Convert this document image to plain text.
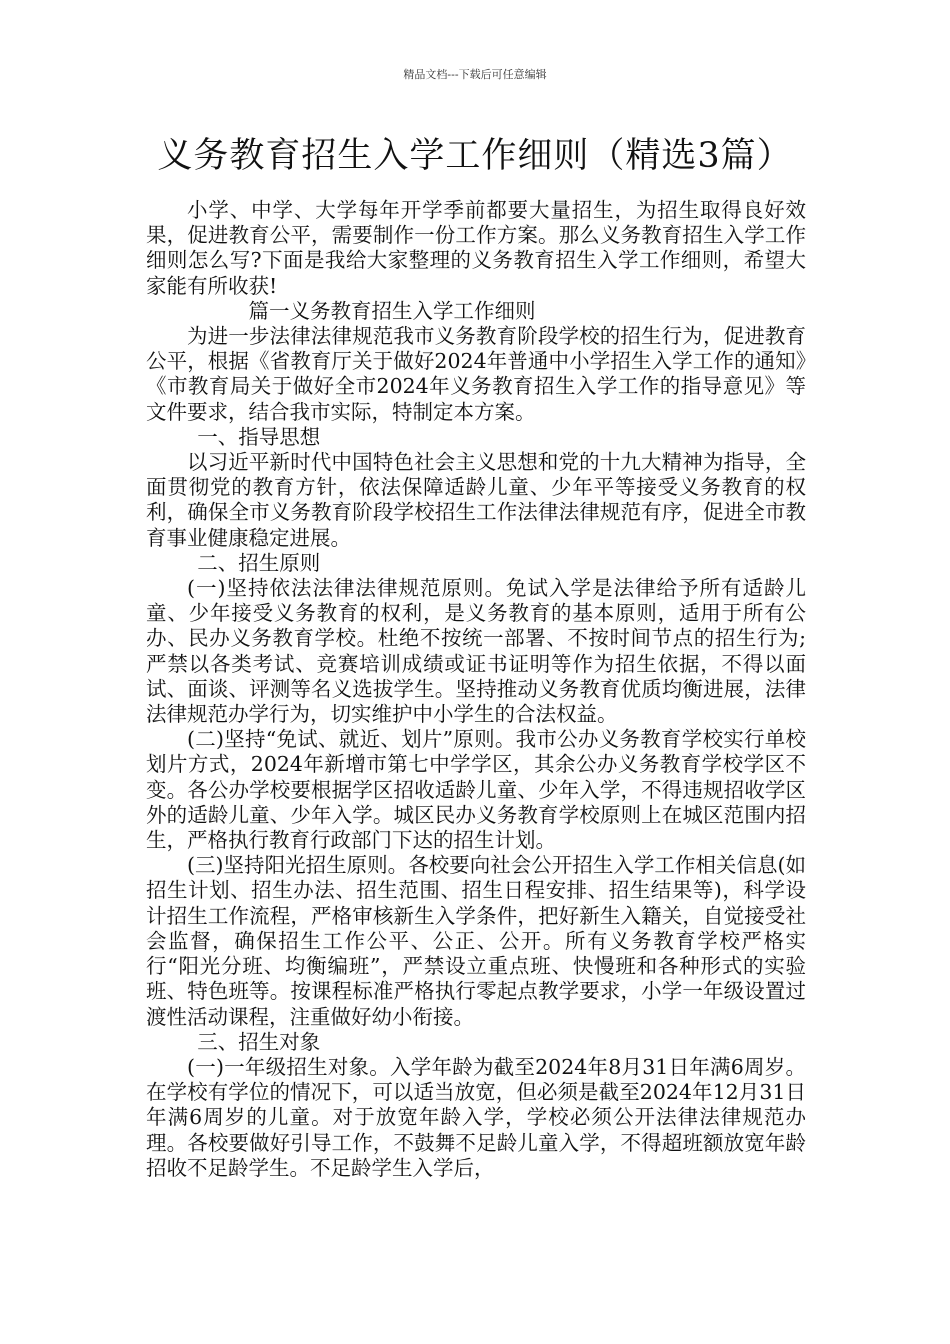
精品文档---下载后可任意编辑
义务教育招生入学工作细则（精选3篇）

小学、中学、大学每年开学季前都要大量招生，为招生取得良好效果，促进教育公平，需要制作一份工作方案。那么义务教育招生入学工作细则怎么写?下面是我给大家整理的义务教育招生入学工作细则，希望大家能有所收获!

篇一义务教育招生入学工作细则

为进一步法律法律规范我市义务教育阶段学校的招生行为，促进教育公平，根据《省教育厅关于做好2024年普通中小学招生入学工作的通知》《市教育局关于做好全市2024年义务教育招生入学工作的指导意见》等文件要求，结合我市实际，特制定本方案。

一、指导思想

以习近平新时代中国特色社会主义思想和党的十九大精神为指导，全面贯彻党的教育方针，依法保障适龄儿童、少年平等接受义务教育的权利，确保全市义务教育阶段学校招生工作法律法律规范有序，促进全市教育事业健康稳定进展。

二、招生原则

(一)坚持依法法律法律规范原则。免试入学是法律给予所有适龄儿童、少年接受义务教育的权利，是义务教育的基本原则，适用于所有公办、民办义务教育学校。杜绝不按统一部署、不按时间节点的招生行为;严禁以各类考试、竞赛培训成绩或证书证明等作为招生依据，不得以面试、面谈、评测等名义选拔学生。坚持推动义务教育优质均衡进展，法律法律规范办学行为，切实维护中小学生的合法权益。

(二)坚持“免试、就近、划片”原则。我市公办义务教育学校实行单校划片方式，2024年新增市第七中学学区，其余公办义务教育学校学区不变。各公办学校要根据学区招收适龄儿童、少年入学，不得违规招收学区外的适龄儿童、少年入学。城区民办义务教育学校原则上在城区范围内招生，严格执行教育行政部门下达的招生计划。

(三)坚持阳光招生原则。各校要向社会公开招生入学工作相关信息(如招生计划、招生办法、招生范围、招生日程安排、招生结果等)，科学设计招生工作流程，严格审核新生入学条件，把好新生入籍关，自觉接受社会监督，确保招生工作公平、公正、公开。所有义务教育学校严格实行“阳光分班、均衡编班”，严禁设立重点班、快慢班和各种形式的实验班、特色班等。按课程标准严格执行零起点教学要求，小学一年级设置过渡性活动课程，注重做好幼小衔接。

三、招生对象

(一)一年级招生对象。入学年龄为截至2024年8月31日年满6周岁。在学校有学位的情况下，可以适当放宽，但必须是截至2024年12月31日年满6周岁的儿童。对于放宽年龄入学，学校必须公开法律法律规范办理。各校要做好引导工作，不鼓舞不足龄儿童入学，不得超班额放宽年龄招收不足龄学生。不足龄学生入学后，
